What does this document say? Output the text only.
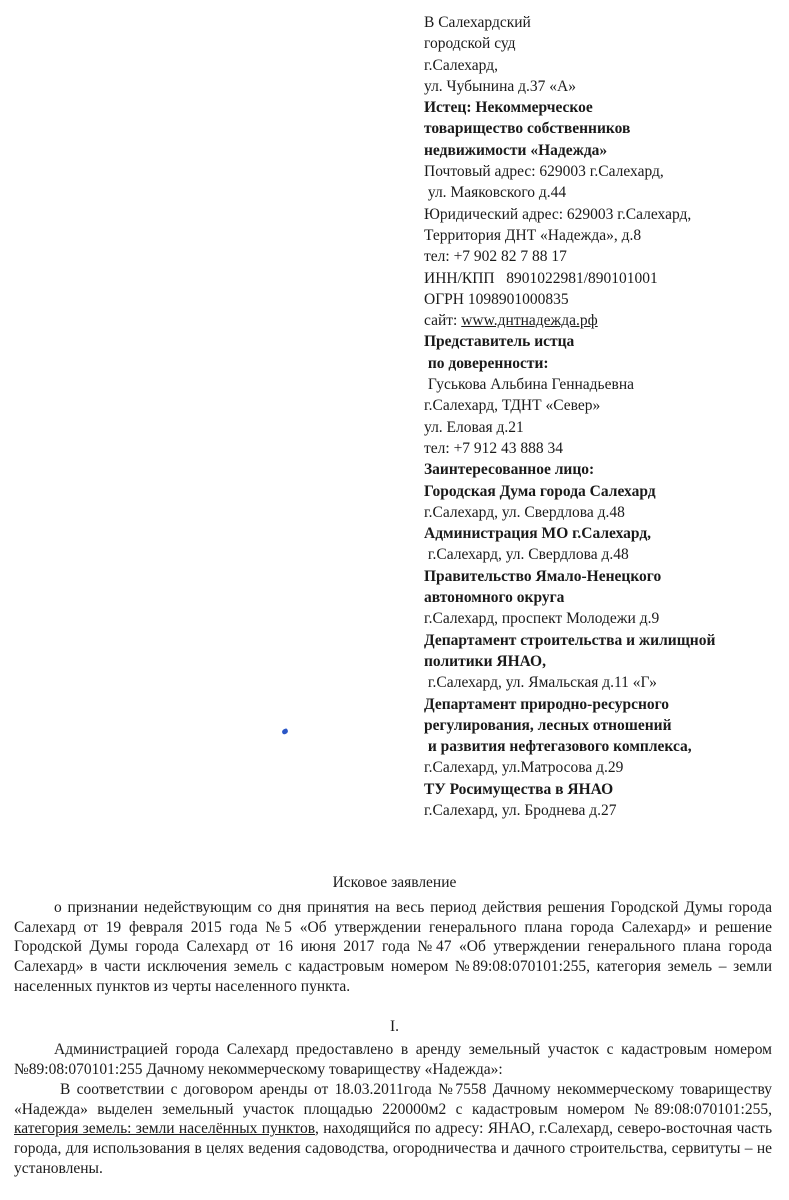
В Салехардский
городской суд
г.Салехард,
ул. Чубынина д.37 «А»
Истец: Некоммерческое
товарищество собственников
недвижимости «Надежда»
Почтовый адрес: 629003 г.Салехард,
ул. Маяковского д.44
Юридический адрес: 629003 г.Салехард,
Территория ДНТ «Надежда», д.8
тел: +7 902 82 7 88 17
ИНН/КПП   8901022981/890101001
ОГРН 1098901000835
сайт: www.днтнадежда.рф
Представитель истца
по доверенности:
Гуськова Альбина Геннадьевна
г.Салехард, ТДНТ «Север»
ул. Еловая д.21
тел: +7 912 43 888 34
Заинтересованное лицо:
Городская Дума города Салехард
г.Салехард, ул. Свердлова д.48
Администрация МО г.Салехард,
г.Салехард, ул. Свердлова д.48
Правительство Ямало-Ненецкого
автономного округа
г.Салехард, проспект Молодежи д.9
Департамент строительства и жилищной
политики ЯНАО,
г.Салехард, ул. Ямальская д.11 «Г»
Департамент природно-ресурсного
регулирования, лесных отношений
и развития нефтегазового комплекса,
г.Салехард, ул.Матросова д.29
ТУ Росимущества в ЯНАО
г.Салехард, ул. Броднева д.27
Исковое заявление
о признании недействующим со дня принятия на весь период действия решения Городской Думы города Салехард от 19 февраля 2015 года №5 «Об утверждении генерального плана города Салехард» и решение Городской Думы города Салехард от 16 июня 2017 года №47 «Об утверждении генерального плана города Салехард» в части исключения земель с кадастровым номером №89:08:070101:255, категория земель – земли населенных пунктов из черты населенного пункта.
I.
Администрацией города Салехард предоставлено в аренду земельный участок с кадастровым номером №89:08:070101:255 Дачному некоммерческому товариществу «Надежда»:
В соответствии с договором аренды от 18.03.2011года №7558 Дачному некоммерческому товариществу «Надежда» выделен земельный участок площадью 220000м2 с кадастровым номером №89:08:070101:255, категория земель: земли населённых пунктов, находящийся по адресу: ЯНАО, г.Салехард, северо-восточная часть города, для использования в целях ведения садоводства, огородничества и дачного строительства, сервитуты – не установлены.
